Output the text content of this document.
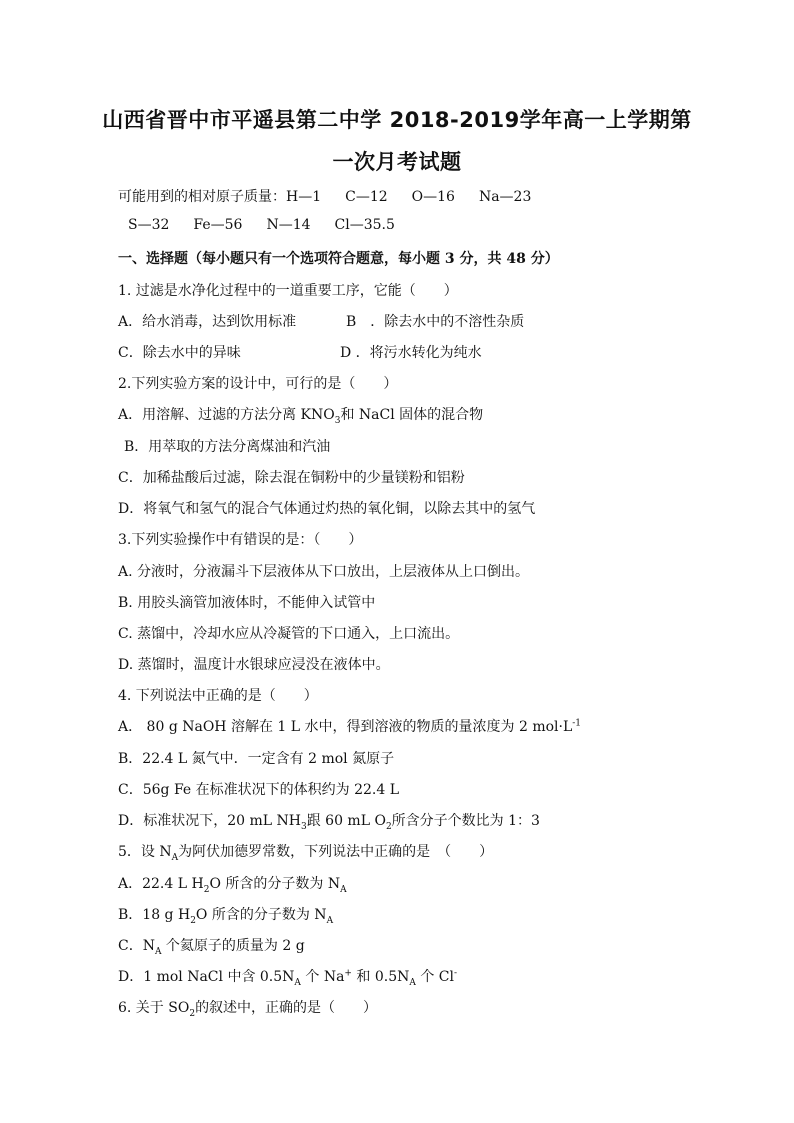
山西省晋中市平遥县第二中学 2018-2019学年高一上学期第
一次月考试题
可能用到的相对原子质量：H—1 C—12 O—16 Na—23
S—32 Fe—56 N—14 Cl—35.5
一、选择题（每小题只有一个选项符合题意，每小题 3 分，共 48 分）
1. 过滤是水净化过程中的一道重要工序，它能（　　）
A．给水消毒，达到饮用标准	B　．除去水中的不溶性杂质
C．除去水中的异味	D ．将污水转化为纯水
2.下列实验方案的设计中，可行的是（　　）
A．用溶解、过滤的方法分离 $KNO_3$和 NaCl 固体的混合物
B．用萃取的方法分离煤油和汽油
C．加稀盐酸后过滤，除去混在铜粉中的少量镁粉和铝粉
D．将氧气和氢气的混合气体通过灼热的氧化铜，以除去其中的氢气
3.下列实验操作中有错误的是：（　　）
A. 分液时，分液漏斗下层液体从下口放出，上层液体从上口倒出。
B. 用胶头滴管加液体时，不能伸入试管中
C. 蒸馏中，冷却水应从冷凝管的下口通入，上口流出。
D. 蒸馏时，温度计水银球应浸没在液体中。
4. 下列说法中正确的是（　　）
A． 80 g NaOH 溶解在 1 L 水中，得到溶液的物质的量浓度为 2 $mol\cdot L^{-1}$
B．22.4 L 氮气中．一定含有 2 mol 氮原子
C．56g Fe 在标准状况下的体积约为 22.4 L
D．标准状况下，20 mL $NH_3$跟 60 mL $O_2$所含分子个数比为 1：3
5．设 $N_A$为阿伏加德罗常数，下列说法中正确的是　（　　）
A．22.4 L $H_2O$ 所含的分子数为 $N_A$
B．18 g $H_2O$ 所含的分子数为 $N_A$
C．$N_A$ 个氦原子的质量为 2 g
D．1 mol NaCl 中含 $0.5N_A$ 个 Na+ 和 $0.5N_A$ 个 Cl-
6. 关于 $SO_2$的叙述中，正确的是（　　）
